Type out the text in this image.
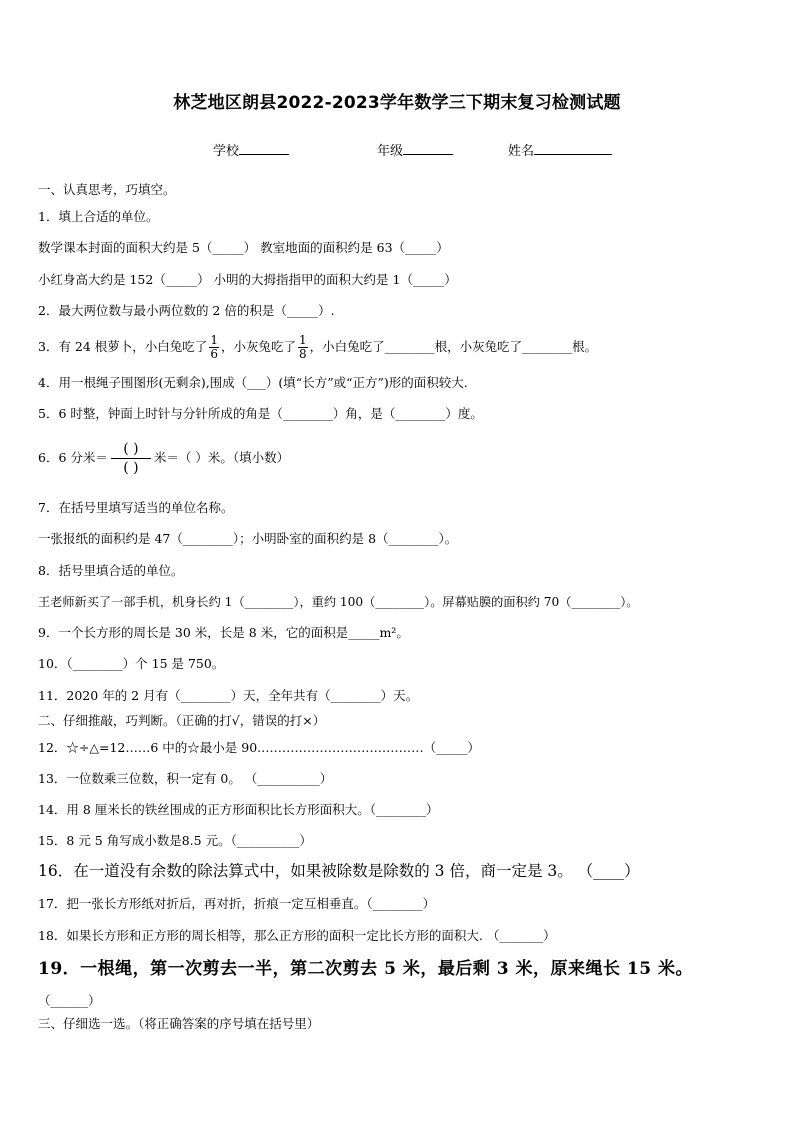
林芝地区朗县2022-2023学年数学三下期末复习检测试题
学校	年级	姓名
一、认真思考，巧填空。
1．填上合适的单位。
数学课本封面的面积大约是 5（_____） 教室地面的面积约是 63（_____）
小红身高大约是 152（_____） 小明的大拇指指甲的面积大约是 1（_____）
2．最大两位数与最小两位数的 2 倍的积是（_____）.
3．有 24 根萝卜，小白兔吃了 $\frac{1}{6}$ ，小灰兔吃了 $\frac{1}{8}$ ，小白兔吃了________根，小灰兔吃了________根。
4．用一根绳子围图形(无剩余),围成（___）(填“长方”或“正方”)形的面积较大.
5．6 时整，钟面上时针与分针所成的角是（________）角，是（________）度。
6．6 分米＝ $\frac{( )}{( )}$ 米＝（ ）米。（填小数）
7．在括号里填写适当的单位名称。
一张报纸的面积约是 47（________）；小明卧室的面积约是 8（________）。
8．括号里填合适的单位。
王老师新买了一部手机，机身长约 1（________），重约 100（________）。屏幕贴膜的面积约 70（________）。
9．一个长方形的周长是 30 米，长是 8 米，它的面积是_____m²。
10．（________）个 15 是 750。
11．2020 年的 2 月有（________）天，全年共有（________）天。
二、仔细推敲，巧判断。（正确的打√，错误的打×）
12．☆÷△=12……6 中的☆最小是 90.…………………………………（_____）
13．一位数乘三位数，积一定有 0。 （__________）
14．用 8 厘米长的铁丝围成的正方形面积比长方形面积大。（________）
15．8 元 5 角写成小数是8.5 元。（__________）
16．在一道没有余数的除法算式中，如果被除数是除数的 3 倍，商一定是 3。 （____）
17．把一张长方形纸对折后，再对折，折痕一定互相垂直。（________）
18．如果长方形和正方形的周长相等，那么正方形的面积一定比长方形的面积大. （_______）
19．一根绳，第一次剪去一半，第二次剪去 5 米，最后剩 3 米，原来绳长 15 米。
（______）
三、仔细选一选。（将正确答案的序号填在括号里）
